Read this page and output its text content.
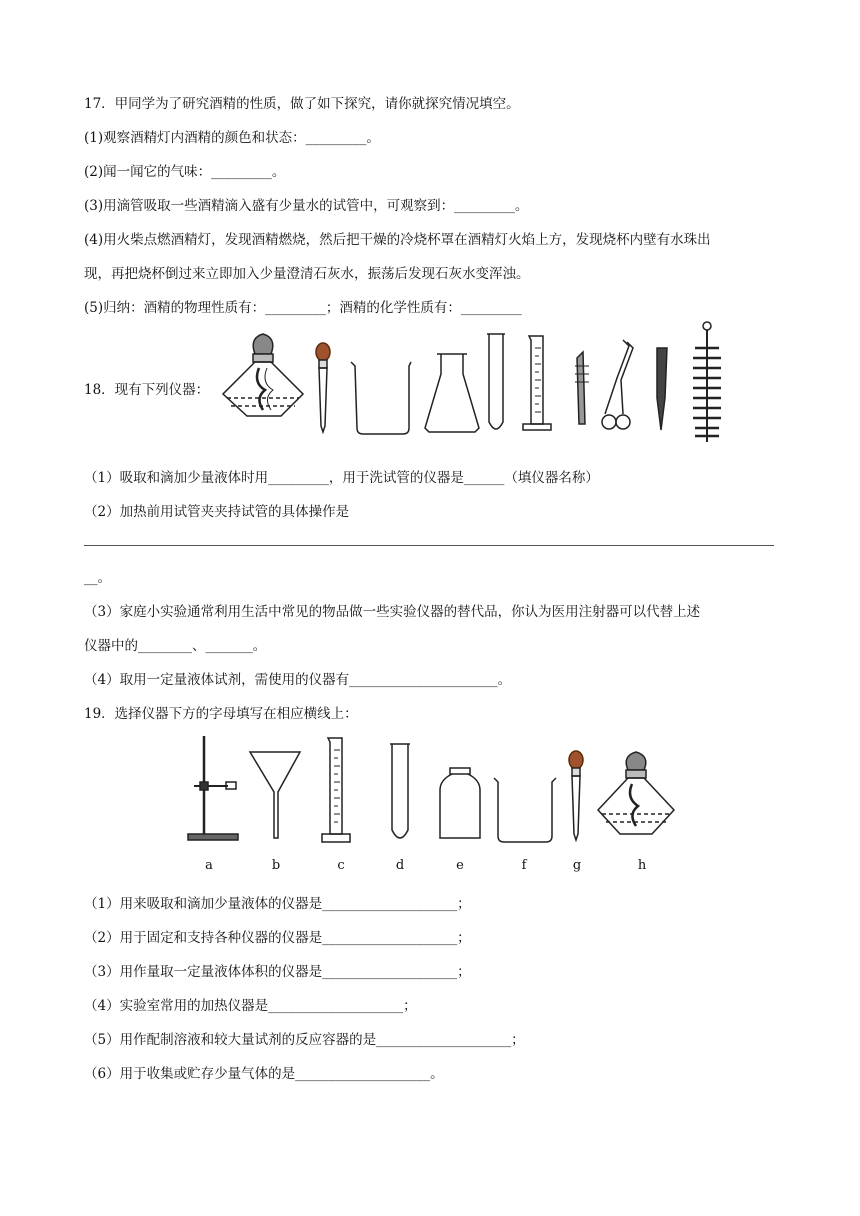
17．甲同学为了研究酒精的性质，做了如下探究，请你就探究情况填空。
(1)观察酒精灯内酒精的颜色和状态：_________。
(2)闻一闻它的气味：_________。
(3)用滴管吸取一些酒精滴入盛有少量水的试管中，可观察到：_________。
(4)用火柴点燃酒精灯，发现酒精燃烧，然后把干燥的冷烧杯罩在酒精灯火焰上方，发现烧杯内壁有水珠出
现，再把烧杯倒过来立即加入少量澄清石灰水，振荡后发现石灰水变浑浊。
(5)归纳：酒精的物理性质有：_________；酒精的化学性质有：_________
18．现有下列仪器：
（1）吸取和滴加少量液体时用_________，用于洗试管的仪器是______（填仪器名称）
（2）加热前用试管夹夹持试管的具体操作是
__。
（3）家庭小实验通常利用生活中常见的物品做一些实验仪器的替代品，你认为医用注射器可以代替上述
仪器中的________、_______。
（4）取用一定量液体试剂，需使用的仪器有______________________。
19．选择仪器下方的字母填写在相应横线上：
a	b	c	d	e	f	g	h
（1）用来吸取和滴加少量液体的仪器是____________________；
（2）用于固定和支持各种仪器的仪器是____________________；
（3）用作量取一定量液体体积的仪器是____________________；
（4）实验室常用的加热仪器是____________________；
（5）用作配制溶液和较大量试剂的反应容器的是____________________；
（6）用于收集或贮存少量气体的是____________________。
